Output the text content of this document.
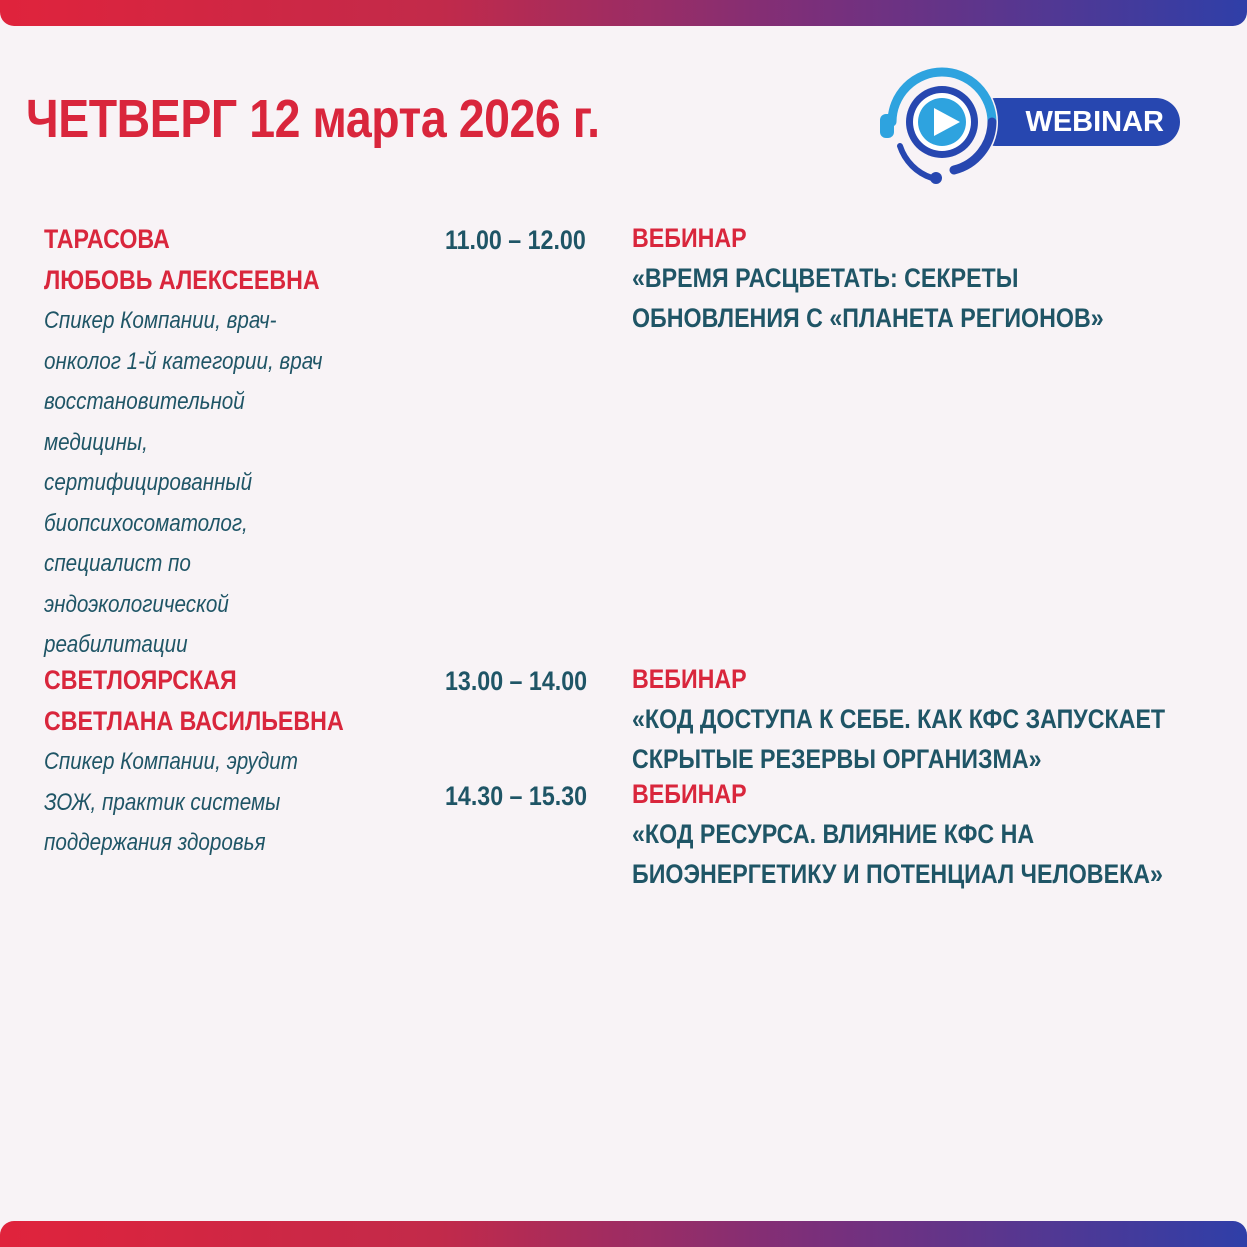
ЧЕТВЕРГ 12 марта 2026 г.	WEBINAR
ТАРАСОВА
ЛЮБОВЬ АЛЕКСЕЕВНА
Спикер Компании, врач-
онколог 1-й категории, врач
восстановительной
медицины,
сертифицированный
биопсихосоматолог,
специалист по
эндоэкологической
реабилитации
СВЕТЛОЯРСКАЯ
СВЕТЛАНА ВАСИЛЬЕВНА
Спикер Компании, эрудит
ЗОЖ, практик системы
поддержания здоровья
11.00 – 12.00
13.00 – 14.00
14.30 – 15.30
ВЕБИНАР
«ВРЕМЯ РАСЦВЕТАТЬ: СЕКРЕТЫ
ОБНОВЛЕНИЯ С «ПЛАНЕТА РЕГИОНОВ»
ВЕБИНАР
«КОД ДОСТУПА К СЕБЕ. КАК КФС ЗАПУСКАЕТ
СКРЫТЫЕ РЕЗЕРВЫ ОРГАНИЗМА»
ВЕБИНАР
«КОД РЕСУРСА. ВЛИЯНИЕ КФС НА
БИОЭНЕРГЕТИКУ И ПОТЕНЦИАЛ ЧЕЛОВЕКА»
